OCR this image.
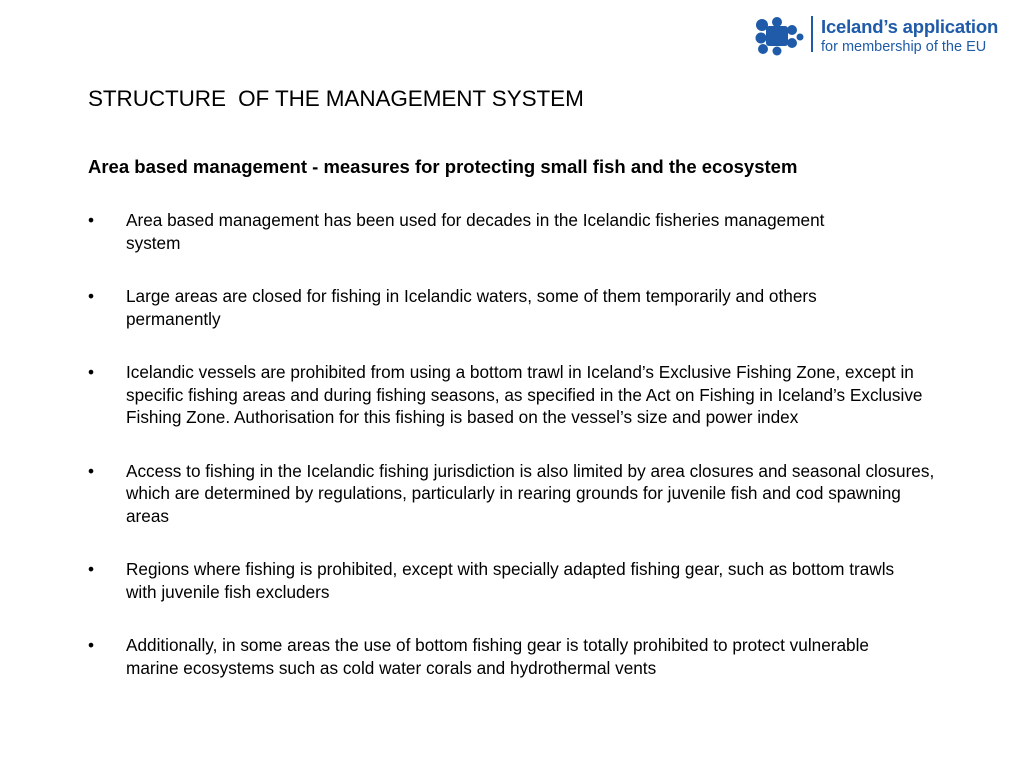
Iceland’s application
for membership of the EU
STRUCTURE  OF THE MANAGEMENT SYSTEM

Area based management - measures for protecting small fish and the ecosystem

• Area based management has been used for decades in the Icelandic fisheries management system
• Large areas are closed for fishing in Icelandic waters, some of them temporarily and others permanently
• Icelandic vessels are prohibited from using a bottom trawl in Iceland’s Exclusive Fishing Zone, except in specific fishing areas and during fishing seasons, as specified in the Act on Fishing in Iceland’s Exclusive Fishing Zone. Authorisation for this fishing is based on the vessel’s size and power index
• Access to fishing in the Icelandic fishing jurisdiction is also limited by area closures and seasonal closures, which are determined by regulations, particularly in rearing grounds for juvenile fish and cod spawning areas
• Regions where fishing is prohibited, except with specially adapted fishing gear, such as bottom trawls with juvenile fish excluders
• Additionally, in some areas the use of bottom fishing gear is totally prohibited to protect vulnerable marine ecosystems such as cold water corals and hydrothermal vents
